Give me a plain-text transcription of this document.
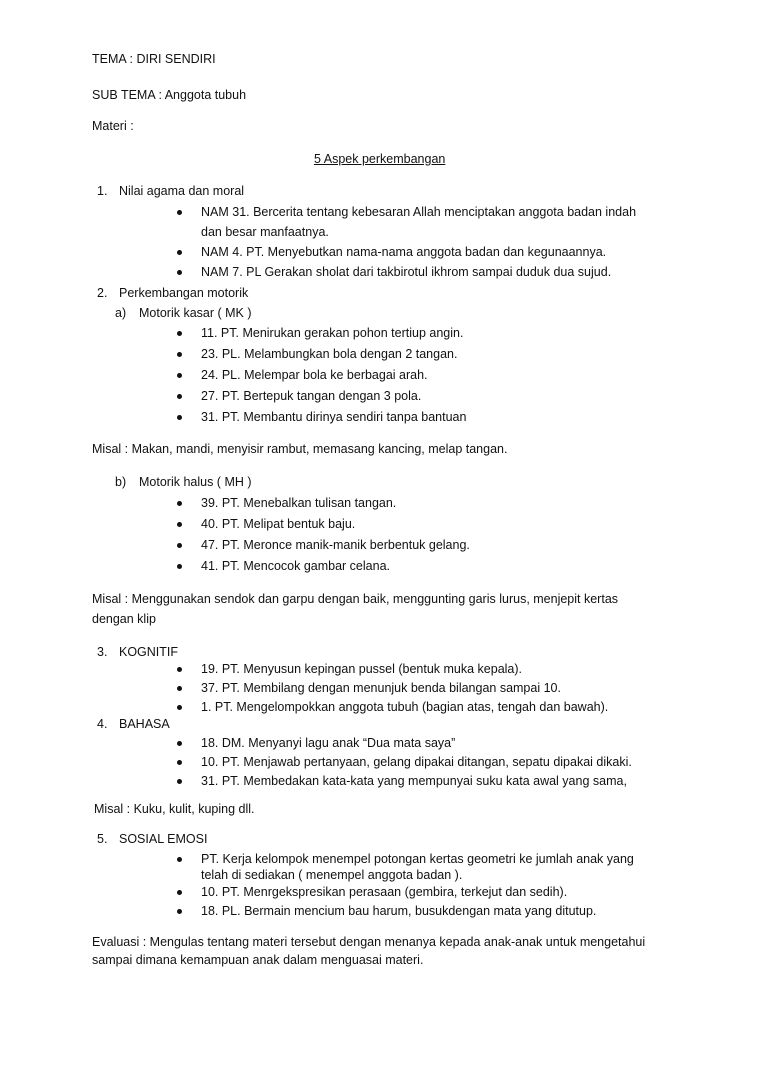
TEMA : DIRI SENDIRI
SUB TEMA : Anggota tubuh
Materi :
5 Aspek perkembangan
1. Nilai agama dan moral
NAM 31. Bercerita tentang kebesaran Allah menciptakan anggota badan indah
dan besar manfaatnya.
NAM 4. PT. Menyebutkan nama-nama anggota badan dan kegunaannya.
NAM 7. PL Gerakan sholat dari takbirotul ikhrom sampai duduk dua sujud.
2. Perkembangan motorik
a) Motorik kasar ( MK )
11. PT. Menirukan gerakan pohon tertiup angin.
23. PL. Melambungkan bola dengan 2 tangan.
24. PL. Melempar bola ke berbagai arah.
27. PT. Bertepuk tangan dengan 3 pola.
31. PT. Membantu dirinya sendiri tanpa bantuan
Misal : Makan, mandi, menyisir rambut, memasang kancing, melap tangan.
b) Motorik halus ( MH )
39. PT. Menebalkan tulisan tangan.
40. PT. Melipat bentuk baju.
47. PT. Meronce manik-manik berbentuk gelang.
41. PT. Mencocok gambar celana.
Misal : Menggunakan sendok dan garpu dengan baik, menggunting garis lurus, menjepit kertas
dengan klip
3. KOGNITIF
19. PT. Menyusun kepingan pussel (bentuk muka kepala).
37. PT. Membilang dengan menunjuk benda bilangan sampai 10.
1. PT. Mengelompokkan anggota tubuh (bagian atas, tengah dan bawah).
4. BAHASA
18. DM. Menyanyi lagu anak “Dua mata saya”
10. PT. Menjawab pertanyaan, gelang dipakai ditangan, sepatu dipakai dikaki.
31. PT. Membedakan kata-kata yang mempunyai suku kata awal yang sama,
Misal : Kuku, kulit, kuping dll.
5. SOSIAL EMOSI
PT. Kerja kelompok menempel potongan kertas geometri ke jumlah anak yang
telah di sediakan ( menempel anggota badan ).
10. PT. Menrgekspresikan perasaan (gembira, terkejut dan sedih).
18. PL. Bermain mencium bau harum, busukdengan mata yang ditutup.
Evaluasi : Mengulas tentang materi tersebut dengan menanya kepada anak-anak untuk mengetahui
sampai dimana kemampuan anak dalam menguasai materi.
